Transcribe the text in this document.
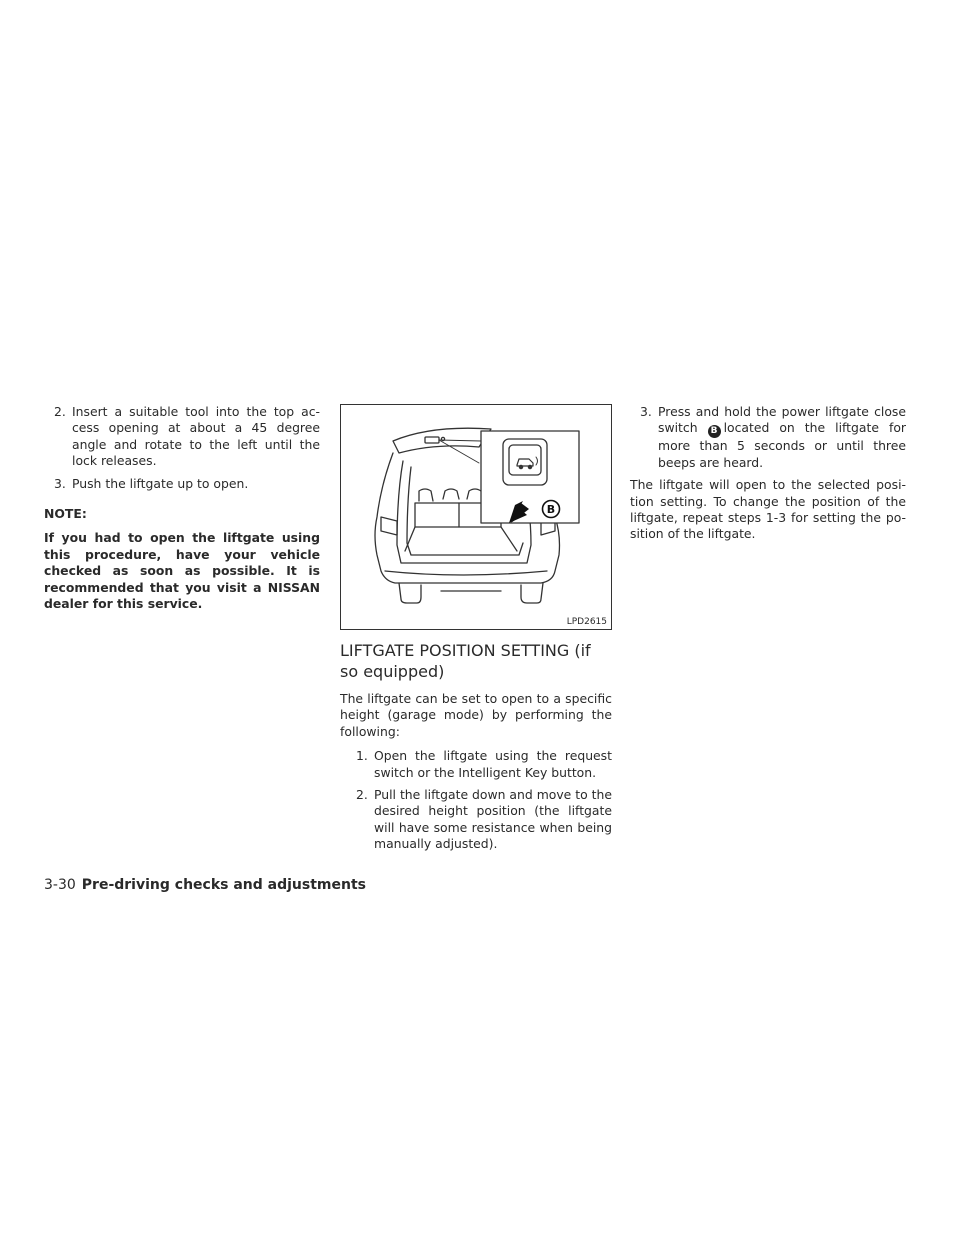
2. Insert a suitable tool into the top ac-cess opening at about a 45 degree angle and rotate to the left until the lock releases.
3. Push the liftgate up to open.
NOTE:
If you had to open the liftgate using this procedure, have your vehicle checked as soon as possible. It is recommended that you visit a NISSAN dealer for this service.
B
LPD2615
LIFTGATE POSITION SETTING (if so equipped)

The liftgate can be set to open to a specific height (garage mode) by performing the following:

1. Open the liftgate using the request switch or the Intelligent Key button.
2. Pull the liftgate down and move to the desired height position (the liftgate will have some resistance when being manually adjusted).
3. Press and hold the power liftgate close switch B located on the liftgate for more than 5 seconds or until three beeps are heard.

The liftgate will open to the selected posi-tion setting. To change the position of the liftgate, repeat steps 1-3 for setting the po-sition of the liftgate.

3-30 Pre-driving checks and adjustments
